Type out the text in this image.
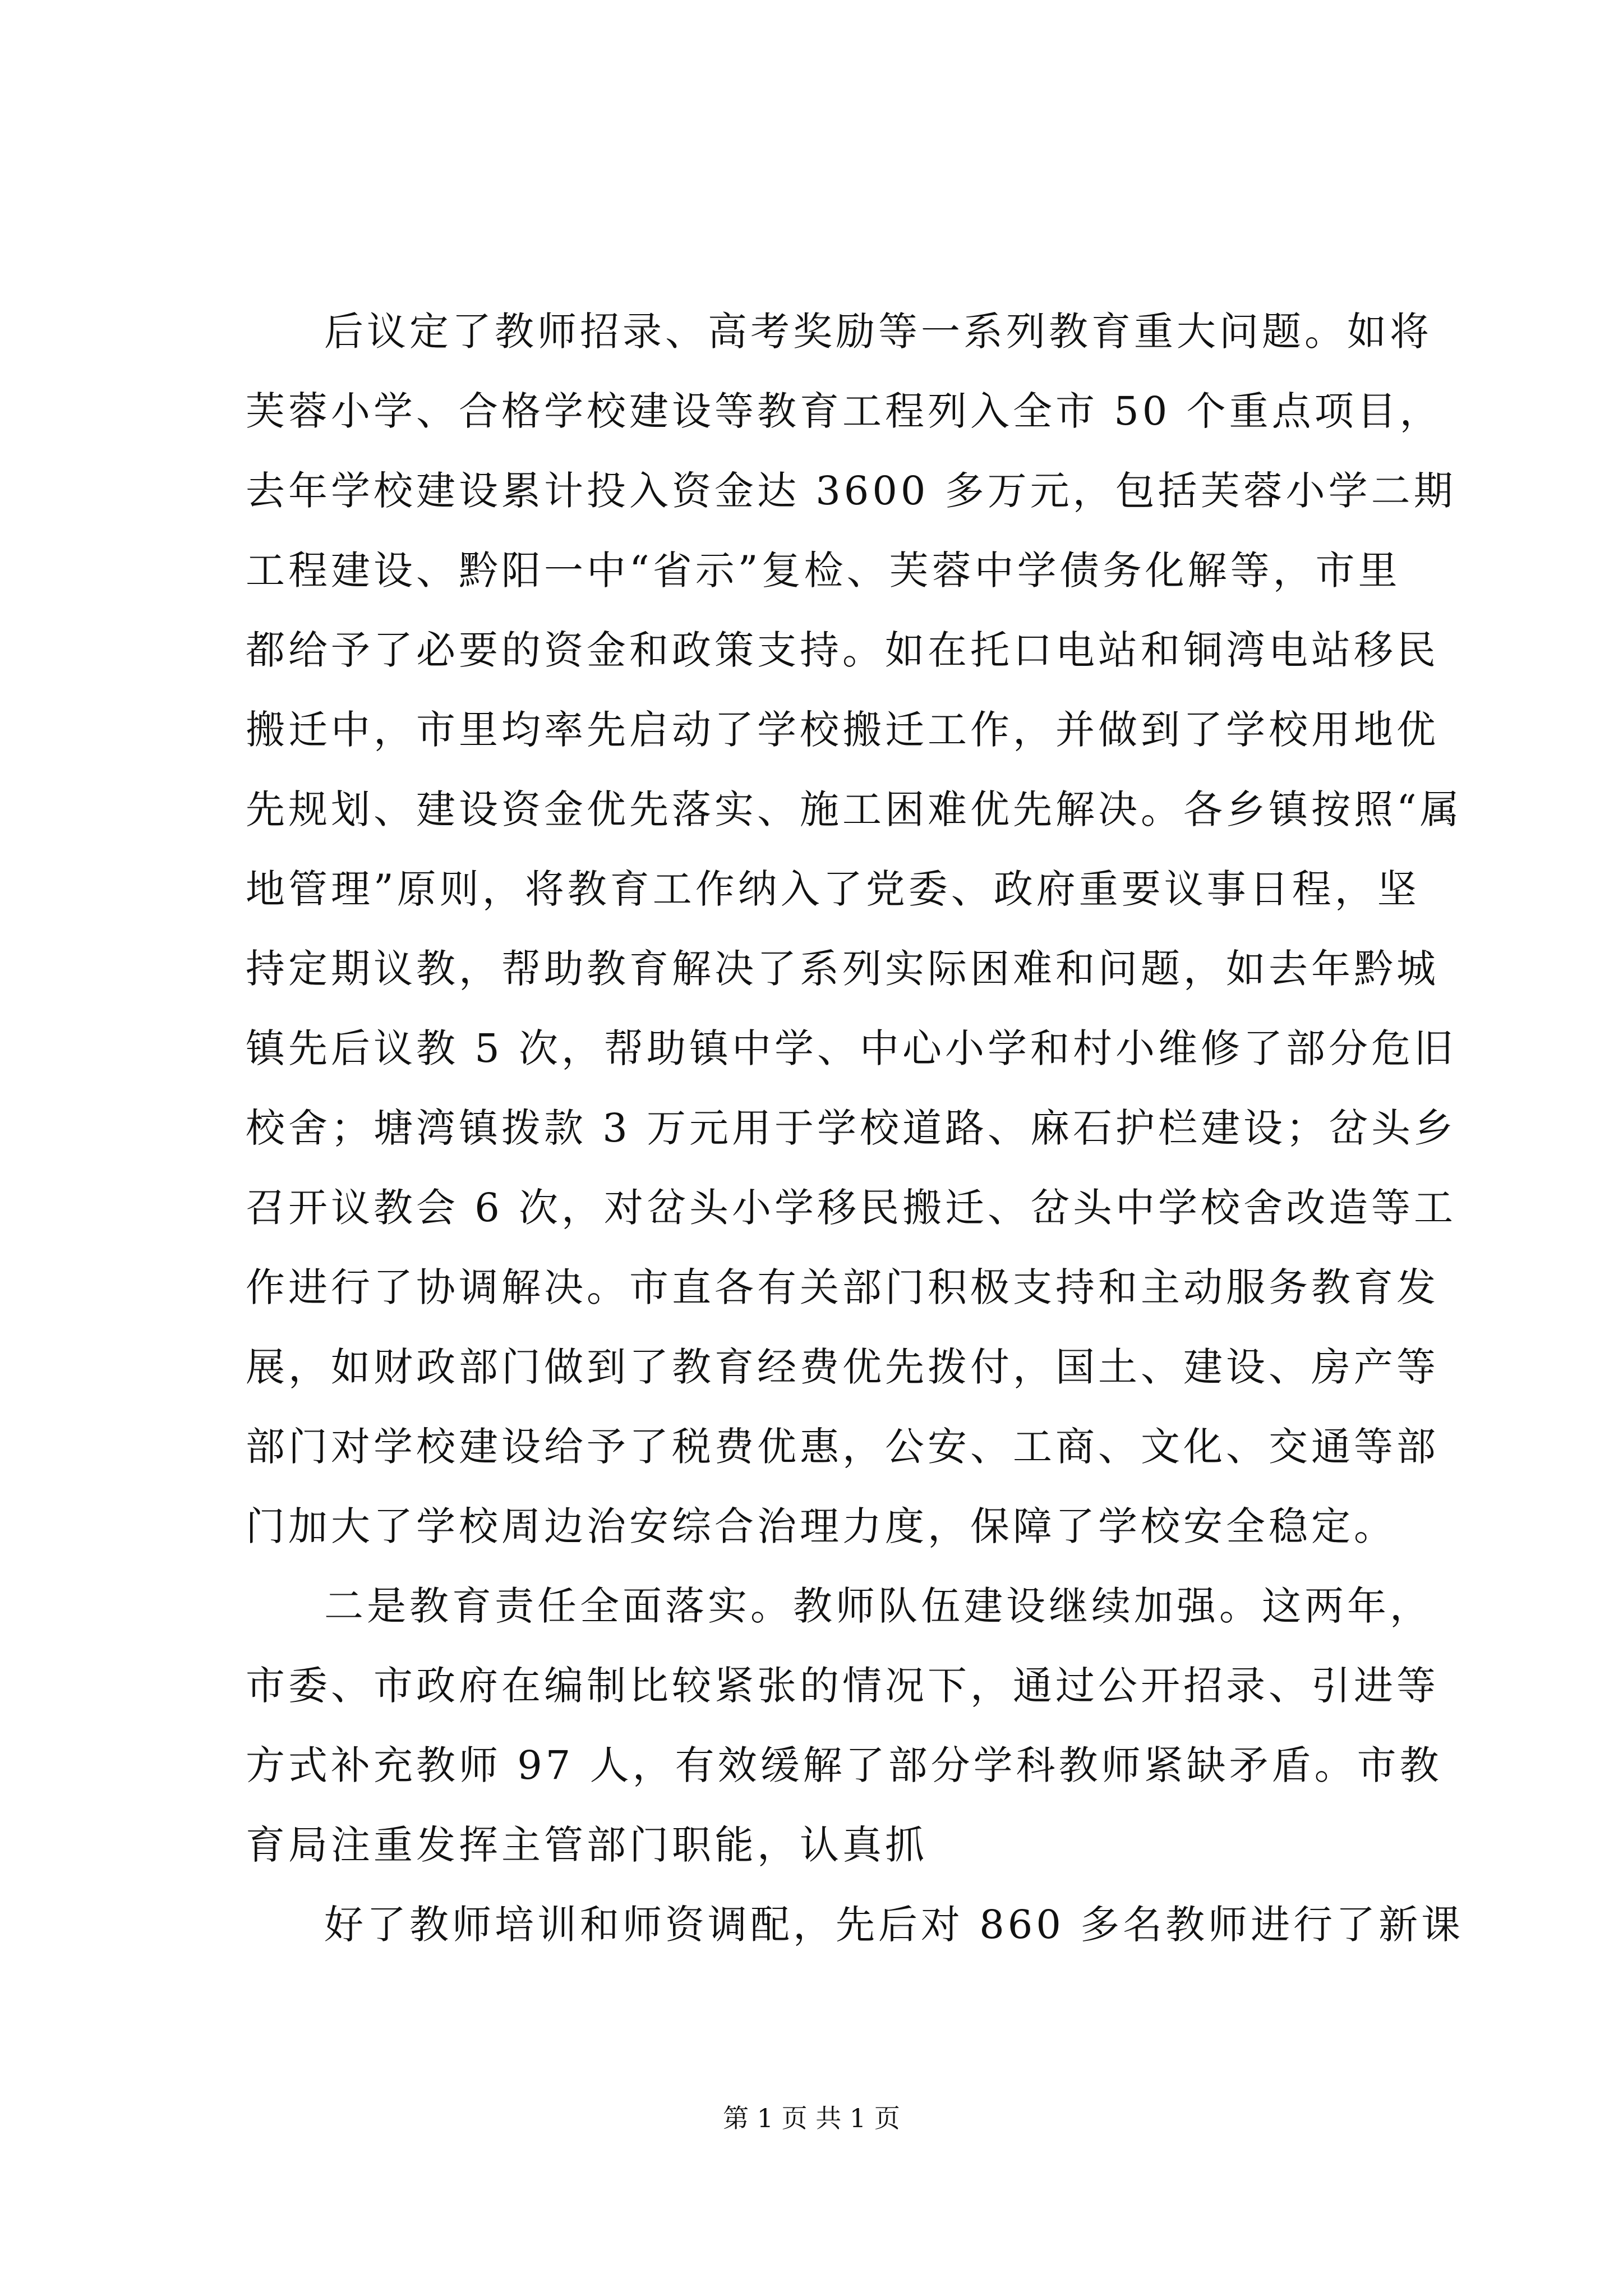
后议定了教师招录、高考奖励等一系列教育重大问题。如将
芙蓉小学、合格学校建设等教育工程列入全市 50 个重点项目，
去年学校建设累计投入资金达 3600 多万元，包括芙蓉小学二期
工程建设、黔阳一中“省示”复检、芙蓉中学债务化解等，市里
都给予了必要的资金和政策支持。如在托口电站和铜湾电站移民
搬迁中，市里均率先启动了学校搬迁工作，并做到了学校用地优
先规划、建设资金优先落实、施工困难优先解决。各乡镇按照“属
地管理”原则，将教育工作纳入了党委、政府重要议事日程，坚
持定期议教，帮助教育解决了系列实际困难和问题，如去年黔城
镇先后议教 5 次，帮助镇中学、中心小学和村小维修了部分危旧
校舍；塘湾镇拨款 3 万元用于学校道路、麻石护栏建设；岔头乡
召开议教会 6 次，对岔头小学移民搬迁、岔头中学校舍改造等工
作进行了协调解决。市直各有关部门积极支持和主动服务教育发
展，如财政部门做到了教育经费优先拨付，国土、建设、房产等
部门对学校建设给予了税费优惠，公安、工商、文化、交通等部
门加大了学校周边治安综合治理力度，保障了学校安全稳定。
二是教育责任全面落实。教师队伍建设继续加强。这两年，
市委、市政府在编制比较紧张的情况下，通过公开招录、引进等
方式补充教师 97 人，有效缓解了部分学科教师紧缺矛盾。市教
育局注重发挥主管部门职能，认真抓
好了教师培训和师资调配，先后对 860 多名教师进行了新课
第 1 页 共 1 页
